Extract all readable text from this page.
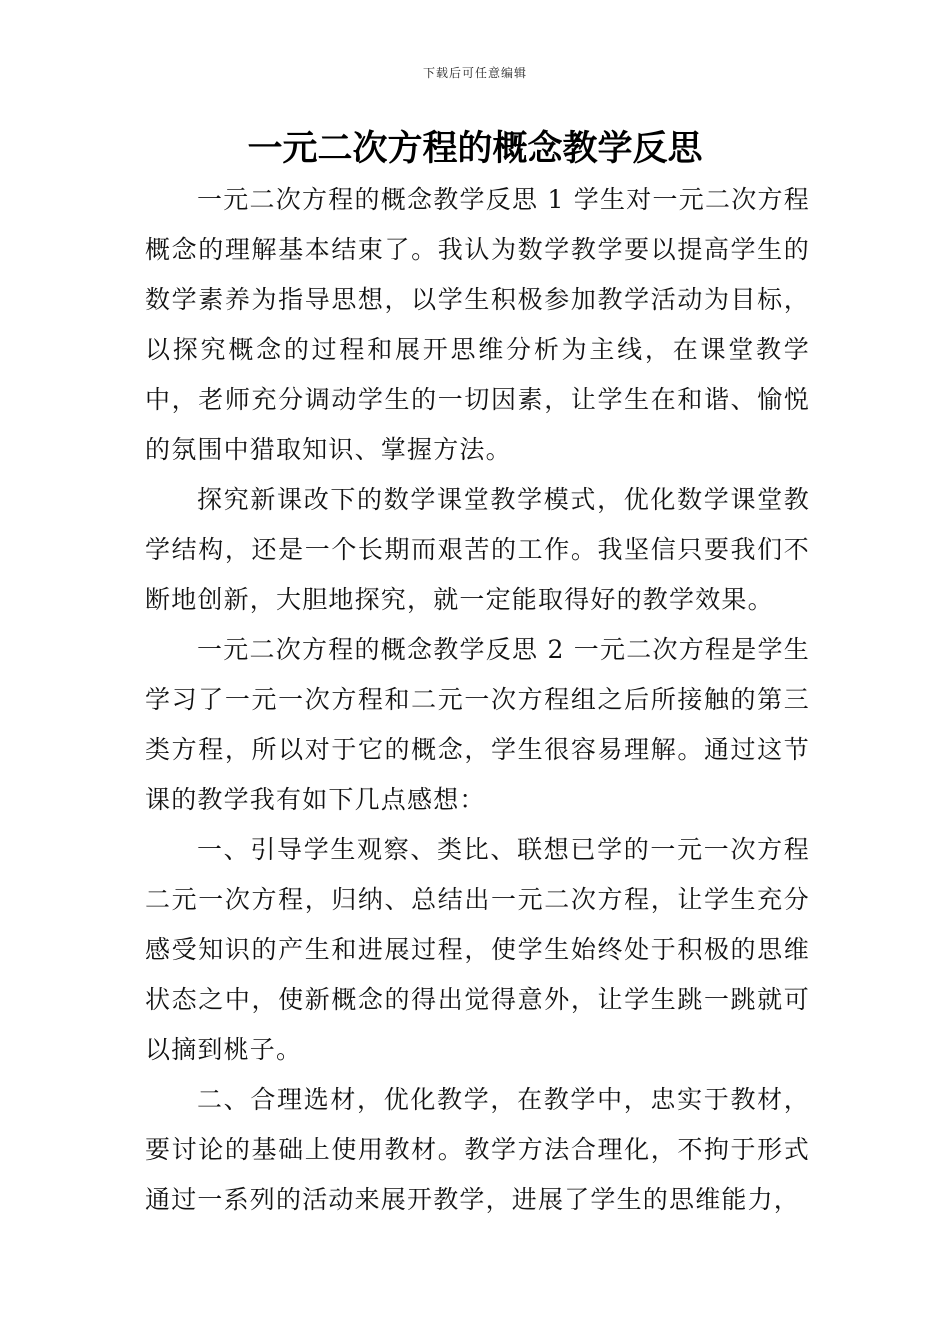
下载后可任意编辑
一元二次方程的概念教学反思

一元二次方程的概念教学反思 1 学生对一元二次方程概念的理解基本结束了。我认为数学教学要以提高学生的数学素养为指导思想，以学生积极参加教学活动为目标，以探究概念的过程和展开思维分析为主线，在课堂教学中，老师充分调动学生的一切因素，让学生在和谐、愉悦的氛围中猎取知识、掌握方法。

探究新课改下的数学课堂教学模式，优化数学课堂教学结构，还是一个长期而艰苦的工作。我坚信只要我们不断地创新，大胆地探究，就一定能取得好的教学效果。

一元二次方程的概念教学反思 2 一元二次方程是学生学习了一元一次方程和二元一次方程组之后所接触的第三类方程，所以对于它的概念，学生很容易理解。通过这节课的教学我有如下几点感想：

一、引导学生观察、类比、联想已学的一元一次方程二元一次方程，归纳、总结出一元二次方程，让学生充分感受知识的产生和进展过程，使学生始终处于积极的思维状态之中，使新概念的得出觉得意外，让学生跳一跳就可以摘到桃子。

二、合理选材，优化教学，在教学中，忠实于教材，要讨论的基础上使用教材。教学方法合理化，不拘于形式通过一系列的活动来展开教学，进展了学生的思维能力，
